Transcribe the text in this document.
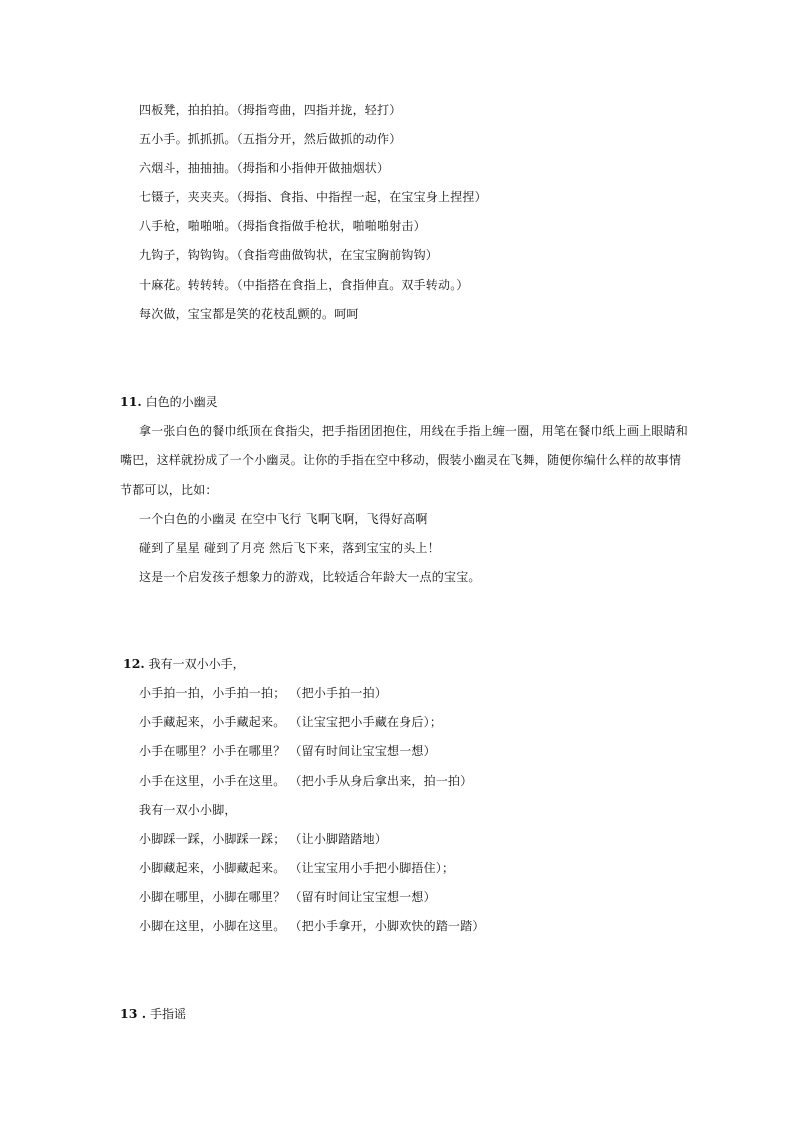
四板凳，拍拍拍。（拇指弯曲，四指并拢，轻打）
五小手。抓抓抓。（五指分开，然后做抓的动作）
六烟斗，抽抽抽。（拇指和小指伸开做抽烟状）
七镊子，夹夹夹。（拇指、食指、中指捏一起，在宝宝身上捏捏）
八手枪，啪啪啪。（拇指食指做手枪状，啪啪啪射击）
九钩子，钩钩钩。（食指弯曲做钩状，在宝宝胸前钩钩）
十麻花。转转转。（中指搭在食指上，食指伸直。双手转动。）
每次做，宝宝都是笑的花枝乱颤的。呵呵
11. 白色的小幽灵
拿一张白色的餐巾纸顶在食指尖，把手指团团抱住，用线在手指上缠一圈，用笔在餐巾纸上画上眼睛和
嘴巴，这样就扮成了一个小幽灵。让你的手指在空中移动，假装小幽灵在飞舞，随便你编什么样的故事情
节都可以，比如：
一个白色的小幽灵 在空中飞行 飞啊飞啊，飞得好高啊
碰到了星星 碰到了月亮 然后飞下来，落到宝宝的头上！
这是一个启发孩子想象力的游戏，比较适合年龄大一点的宝宝。
12. 我有一双小小手，
小手拍一拍，小手拍一拍； （把小手拍一拍）
小手藏起来，小手藏起来。 （让宝宝把小手藏在身后）；
小手在哪里？小手在哪里？ （留有时间让宝宝想一想）
小手在这里，小手在这里。 （把小手从身后拿出来，拍一拍）
我有一双小小脚，
小脚踩一踩，小脚踩一踩； （让小脚踏踏地）
小脚藏起来，小脚藏起来。 （让宝宝用小手把小脚捂住）；
小脚在哪里，小脚在哪里？ （留有时间让宝宝想一想）
小脚在这里，小脚在这里。 （把小手拿开，小脚欢快的踏一踏）
13 . 手指谣
